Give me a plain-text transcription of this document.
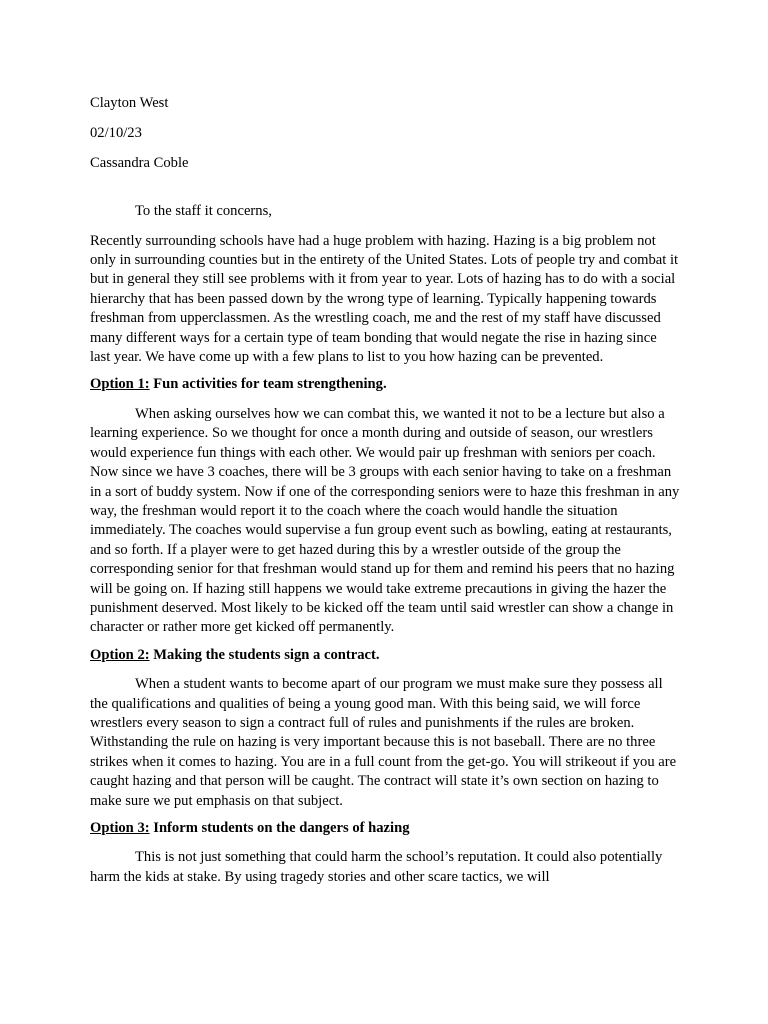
Clayton West

02/10/23

Cassandra Coble

To the staff it concerns,

Recently surrounding schools have had a huge problem with hazing. Hazing is a big problem not only in surrounding counties but in the entirety of the United States. Lots of people try and combat it but in general they still see problems with it from year to year. Lots of hazing has to do with a social hierarchy that has been passed down by the wrong type of learning. Typically happening towards freshman from upperclassmen. As the wrestling coach, me and the rest of my staff have discussed many different ways for a certain type of team bonding that would negate the rise in hazing since last year. We have come up with a few plans to list to you how hazing can be prevented.

Option 1: Fun activities for team strengthening.

When asking ourselves how we can combat this, we wanted it not to be a lecture but also a learning experience. So we thought for once a month during and outside of season, our wrestlers would experience fun things with each other. We would pair up freshman with seniors per coach. Now since we have 3 coaches, there will be 3 groups with each senior having to take on a freshman in a sort of buddy system. Now if one of the corresponding seniors were to haze this freshman in any way, the freshman would report it to the coach where the coach would handle the situation immediately. The coaches would supervise a fun group event such as bowling, eating at restaurants, and so forth. If a player were to get hazed during this by a wrestler outside of the group the corresponding senior for that freshman would stand up for them and remind his peers that no hazing will be going on. If hazing still happens we would take extreme precautions in giving the hazer the punishment deserved. Most likely to be kicked off the team until said wrestler can show a change in character or rather more get kicked off permanently.

Option 2: Making the students sign a contract.

When a student wants to become apart of our program we must make sure they possess all the qualifications and qualities of being a young good man. With this being said, we will force wrestlers every season to sign a contract full of rules and punishments if the rules are broken. Withstanding the rule on hazing is very important because this is not baseball. There are no three strikes when it comes to hazing. You are in a full count from the get-go. You will strikeout if you are caught hazing and that person will be caught. The contract will state it’s own section on hazing to make sure we put emphasis on that subject.

Option 3: Inform students on the dangers of hazing

This is not just something that could harm the school’s reputation. It could also potentially harm the kids at stake. By using tragedy stories and other scare tactics, we will
